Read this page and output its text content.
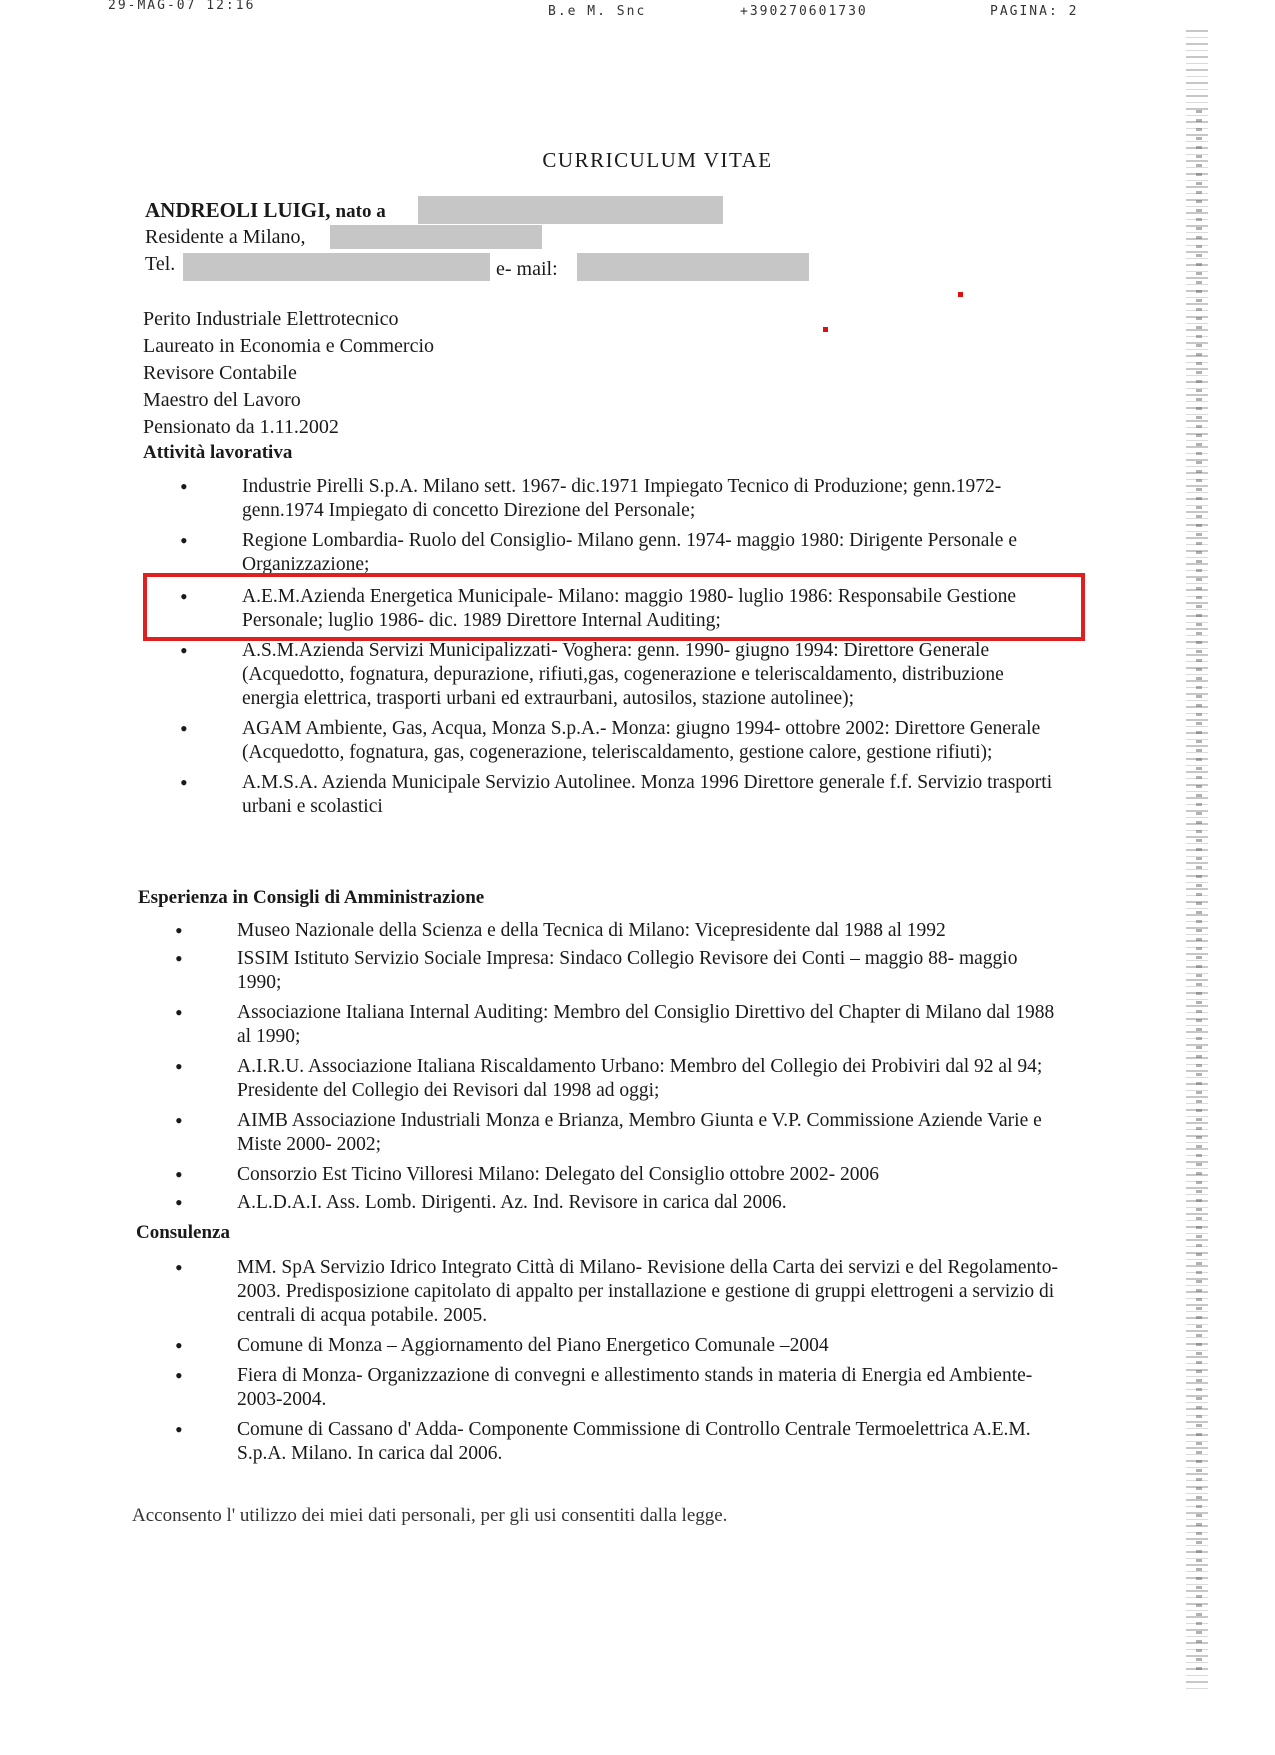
29-MAG-07 12:16	B.e M. Snc	+390270601730	PAGINA: 2
CURRICULUM VITAE
ANDREOLI LUIGI, nato a
Residente a Milano,
Tel.	e- mail:
Perito Industriale Elettrotecnico
Laureato in Economia e Commercio
Revisore Contabile
Maestro del Lavoro
Pensionato da 1.11.2002
Attività lavorativa
• Industrie Pirelli S.p.A. Milano sett. 1967- dic.1971 Impiegato Tecnico di Produzione; genn.1972- genn.1974 Impiegato di concetto Direzione del Personale;
• Regione Lombardia- Ruolo del Consiglio- Milano genn. 1974- maggio 1980: Dirigente Personale e Organizzazione;
• A.E.M.Azienda Energetica Municipale- Milano: maggio 1980- luglio 1986: Responsabile Gestione Personale; luglio 1986- dic. 1989 Direttore Internal Auditing;
• A.S.M.Azienda Servizi Municipalizzati- Voghera: genn. 1990- giugno 1994: Direttore Generale (Acquedotto, fognatura, depurazione, rifiuti,gas, cogenerazione e teleriscaldamento, distribuzione energia elettrica, trasporti urbani ed extraurbani, autosilos, stazione autolinee);
• AGAM Ambiente, Gas, Acqua, Monza S.p.A.- Monza: giugno 1994- ottobre 2002: Direttore Generale (Acquedotto, fognatura, gas, cogenerazione, teleriscaldamento, gestione calore, gestione rifiuti);
• A.M.S.A. Azienda Municipale Servizio Autolinee. Monza 1996 Direttore generale f.f. Servizio trasporti urbani e scolastici
Esperienza in Consigli di Amministrazione
• Museo Nazionale della Scienza e della Tecnica di Milano: Vicepresidente dal 1988 al 1992
• ISSIM Istituto Servizio Sociale Impresa: Sindaco Collegio Revisore dei Conti – maggio 88- maggio 1990;
• Associazione Italiana Internal Auditing: Membro del Consiglio Direttivo del Chapter di Milano dal 1988 al 1990;
• A.I.R.U. Associazione Italiana Riscaldamento Urbano: Membro del Collegio dei Probiviri dal 92 al 94; Presidente del Collegio dei Revisori dal 1998 ad oggi;
• AIMB Associazione Industriali Monza e Brianza, Membro Giunta e V.P. Commissione Aziende Varie e Miste 2000- 2002;
• Consorzio Est Ticino Villoresi Milano: Delegato del Consiglio ottobre 2002- 2006
• A.L.D.A.I. Ass. Lomb. Dirigenti. Az. Ind. Revisore in carica dal 2006.
Consulenza
• MM. SpA Servizio Idrico Integrato Città di Milano- Revisione della Carta dei servizi e del Regolamento- 2003. Predisposizione capitolato di appalto per installazione e gestione di gruppi elettrogeni a servizio di centrali di acqua potabile. 2005.
• Comune di Monza – Aggiornamento del Piano Energetico Comunale –2004
• Fiera di Monza- Organizzazione di convegni e allestimento stands in materia di Energia ed Ambiente- 2003-2004.
• Comune di Cassano d' Adda- Componente Commissione di Controllo Centrale Termoelettrica A.E.M. S.p.A. Milano. In carica dal 2006.
Acconsento l' utilizzo dei miei dati personali, per gli usi consentiti dalla legge.
